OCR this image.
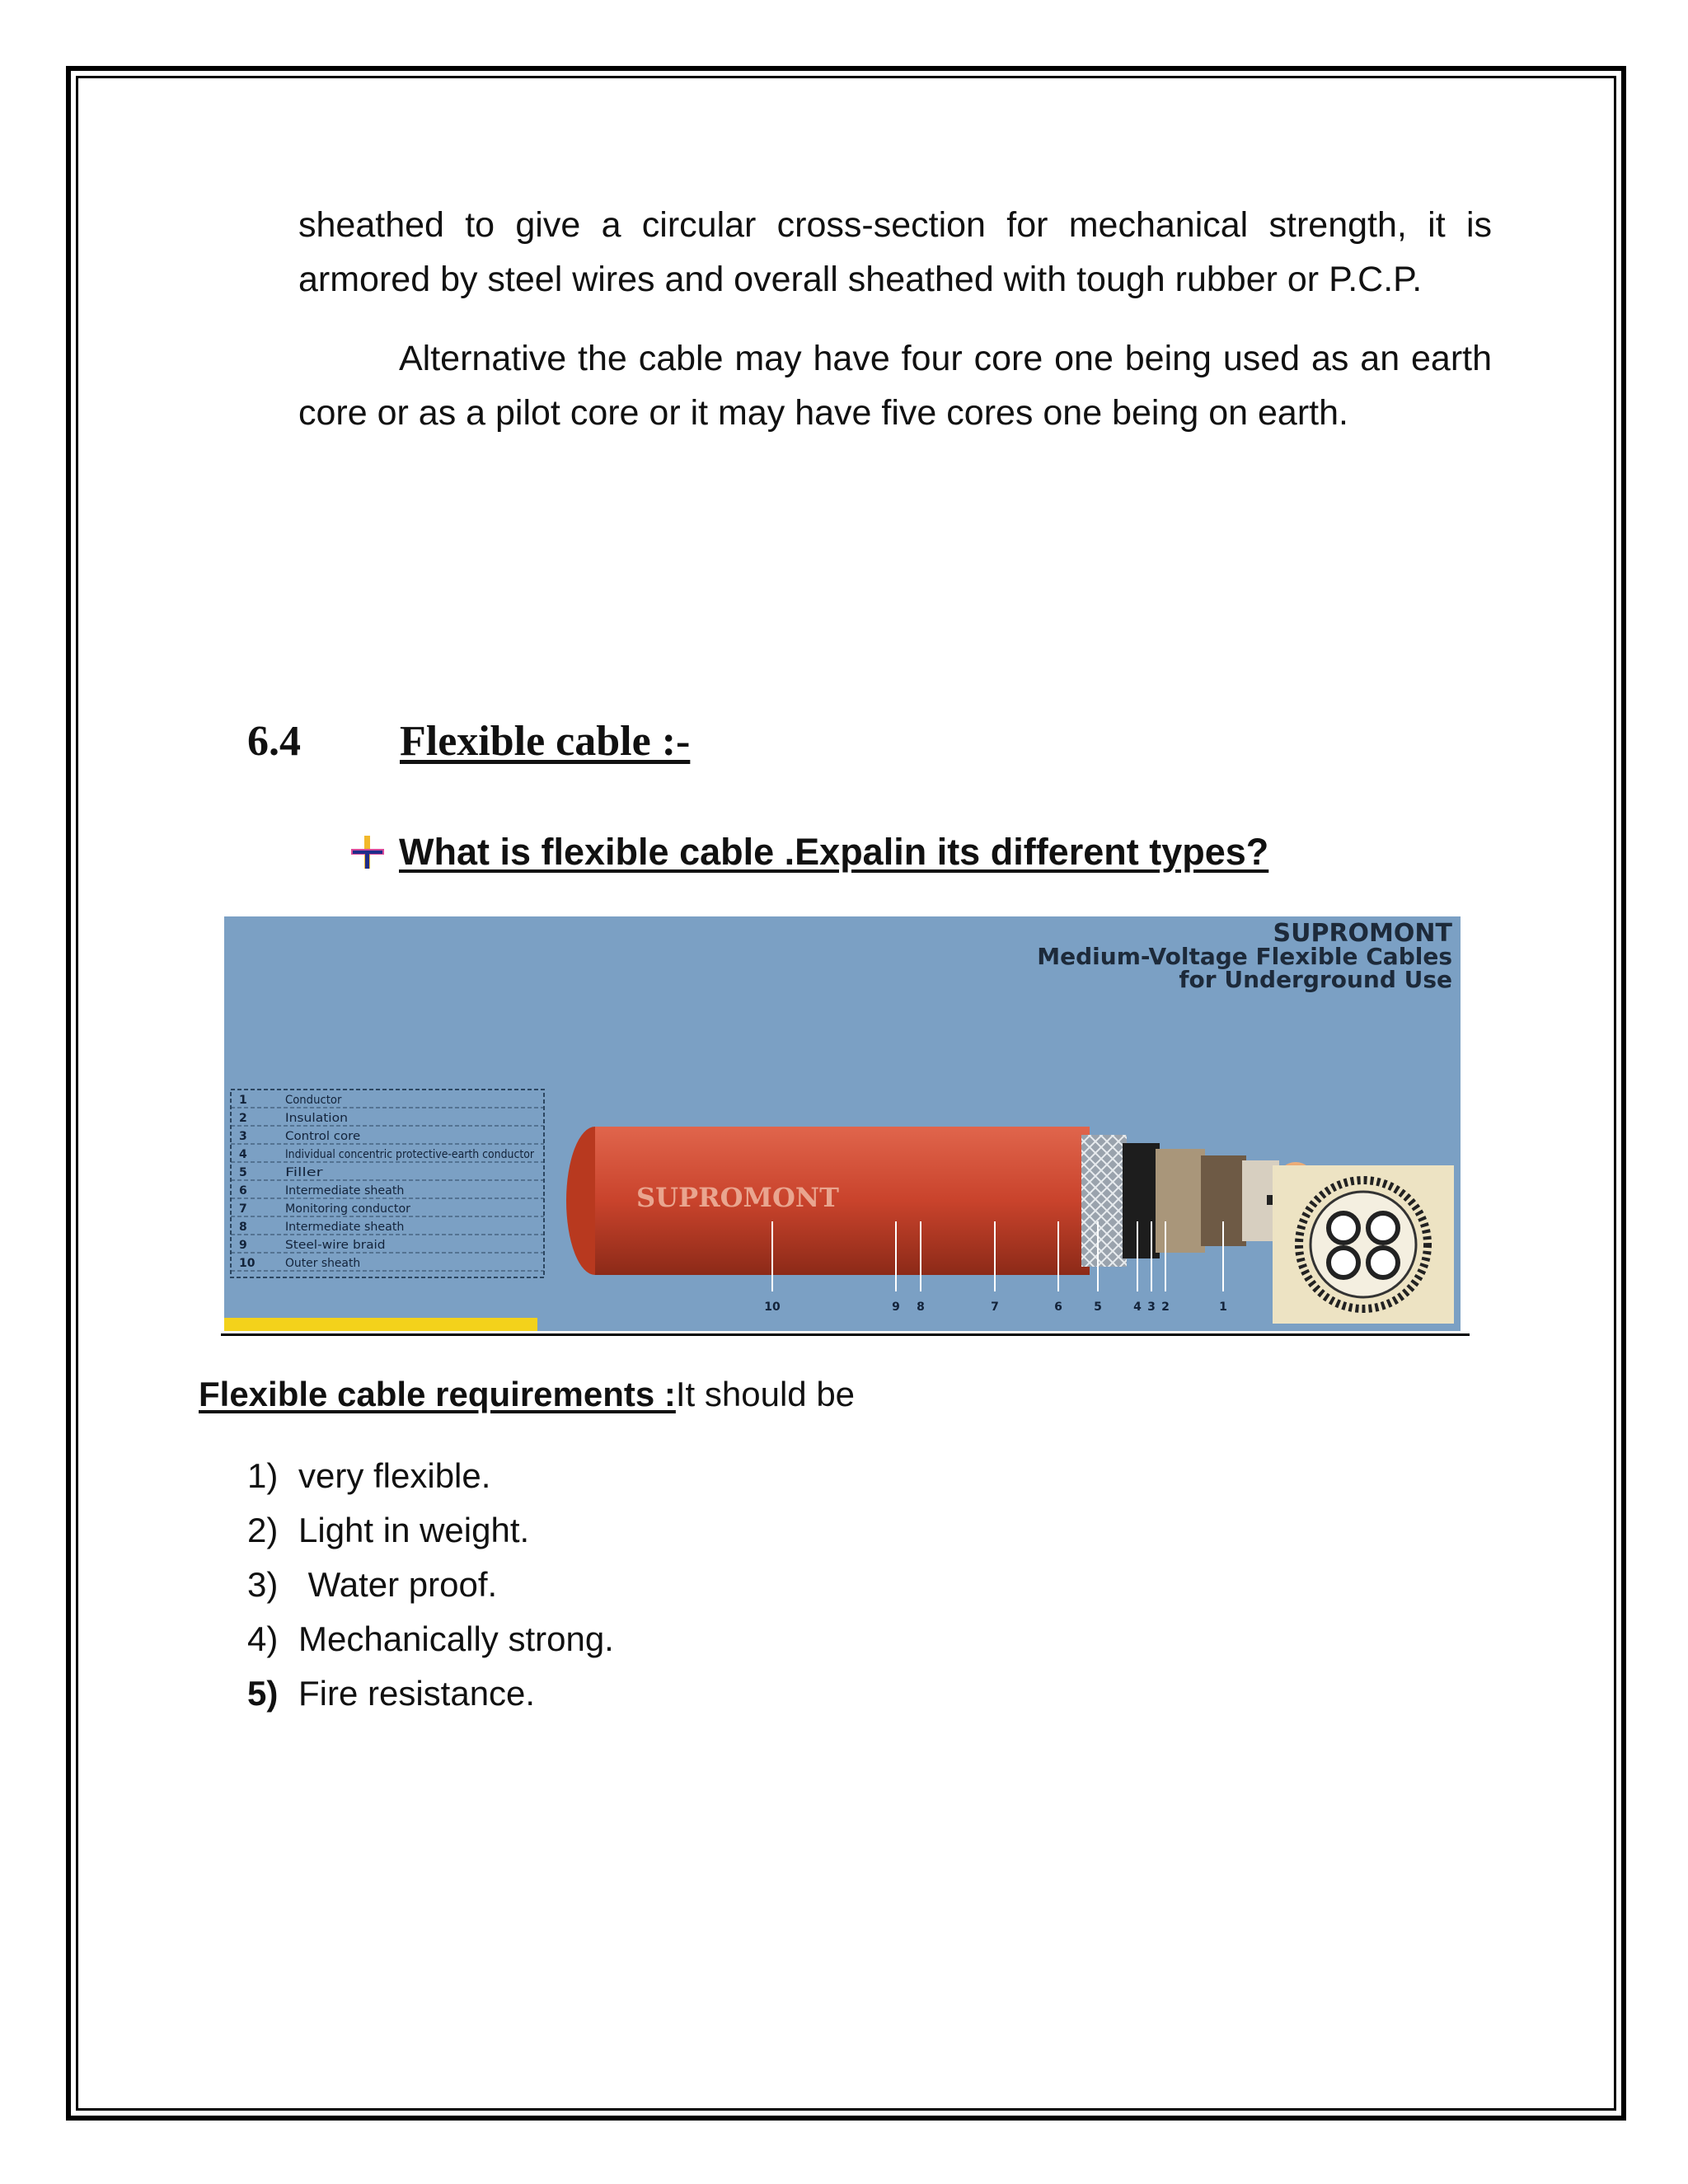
sheathed to give a circular cross-section for mechanical strength, it is armored by steel wires and overall sheathed with tough rubber or P.C.P.
Alternative the cable may have four core one being used as an earth core or as a pilot core or it may have five cores one being on earth.
6.4 Flexible cable :-
What is flexible cable .Expalin its different types?
SUPROMONT
Medium-Voltage Flexible Cables
for Underground Use
1	Conductor
2	Insulation
3	Control core
4	Individual concentric protective-earth conductor
5	Filler
6	Intermediate sheath
7	Monitoring conductor
8	Intermediate sheath
9	Steel-wire braid
10	Outer sheath
SUPROMONT
10	9 8	7	6	5	4 3 2	1
Flexible cable requirements :It should be
1) very flexible.
2) Light in weight.
3) Water proof.
4) Mechanically strong.
5) Fire resistance.
